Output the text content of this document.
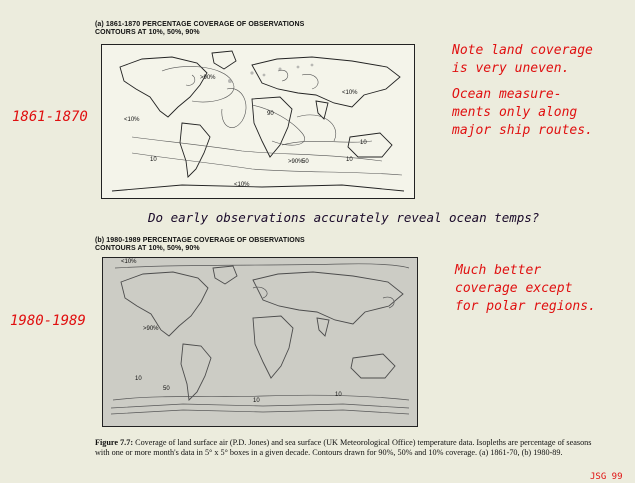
(a) 1861-1870 PERCENTAGE COVERAGE OF OBSERVATIONS
CONTOURS AT 10%, 50%, 90%
>90%
<10%
10
90
50	10
<10%
>90%
<10%
10
(b) 1980-1989 PERCENTAGE COVERAGE OF OBSERVATIONS
CONTOURS AT 10%, 50%, 90%
<10%
>90%
10
50
10
10
Figure 7.7: Coverage of land surface air (P.D. Jones) and sea surface (UK Meteorological Office) temperature data. Isopleths are percentage of seasons with one or more month's data in 5° x 5° boxes in a given decade. Contours drawn for 90%, 50% and 10% coverage. (a) 1861-70, (b) 1980-89.
1861-1870
1980-1989
Note land coverage
is very uneven.
Ocean measure-
ments only along
major ship routes.
Do early observations accurately reveal ocean temps?
Much better
coverage except
for polar regions.
JSG 99
